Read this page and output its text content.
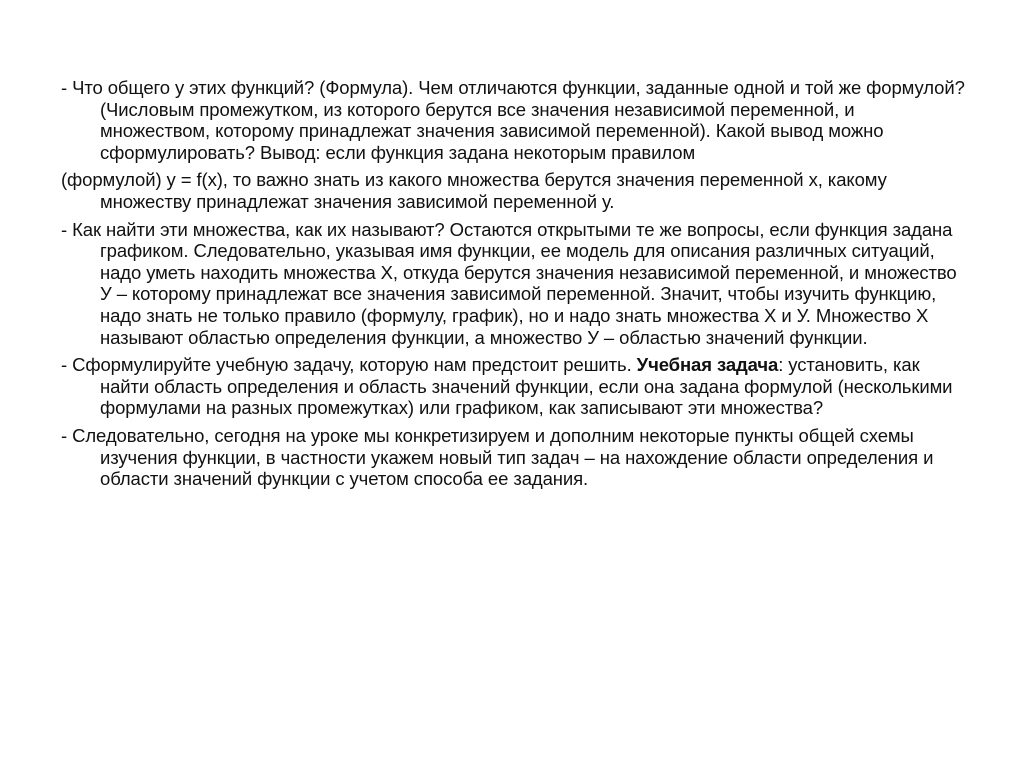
- Что общего у этих функций? (Формула). Чем отличаются функции, заданные одной и той же формулой? (Числовым промежутком, из которого берутся все значения независимой переменной, и множеством, которому принадлежат значения зависимой переменной). Какой вывод можно сформулировать? Вывод: если функция задана некоторым правилом

(формулой) у = f(x), то важно знать из какого множества берутся значения переменной х, какому множеству принадлежат значения зависимой переменной у.

- Как найти эти множества, как их называют? Остаются открытыми те же вопросы, если функция задана графиком. Следовательно, указывая имя функции, ее модель для описания различных ситуаций, надо уметь находить множества Х, откуда берутся значения независимой переменной, и множество У – которому принадлежат все значения зависимой переменной. Значит, чтобы изучить функцию, надо знать не только правило (формулу, график), но и надо знать множества Х и У. Множество Х называют областью определения функции, а множество У – областью значений функции.

- Сформулируйте учебную задачу, которую нам предстоит решить. Учебная задача: установить, как найти область определения и область значений функции, если она задана формулой (несколькими формулами на разных промежутках) или графиком, как записывают эти множества?

- Следовательно, сегодня на уроке мы конкретизируем и дополним некоторые пункты общей схемы изучения функции, в частности укажем новый тип задач – на нахождение области определения и области значений функции с учетом способа ее задания.
